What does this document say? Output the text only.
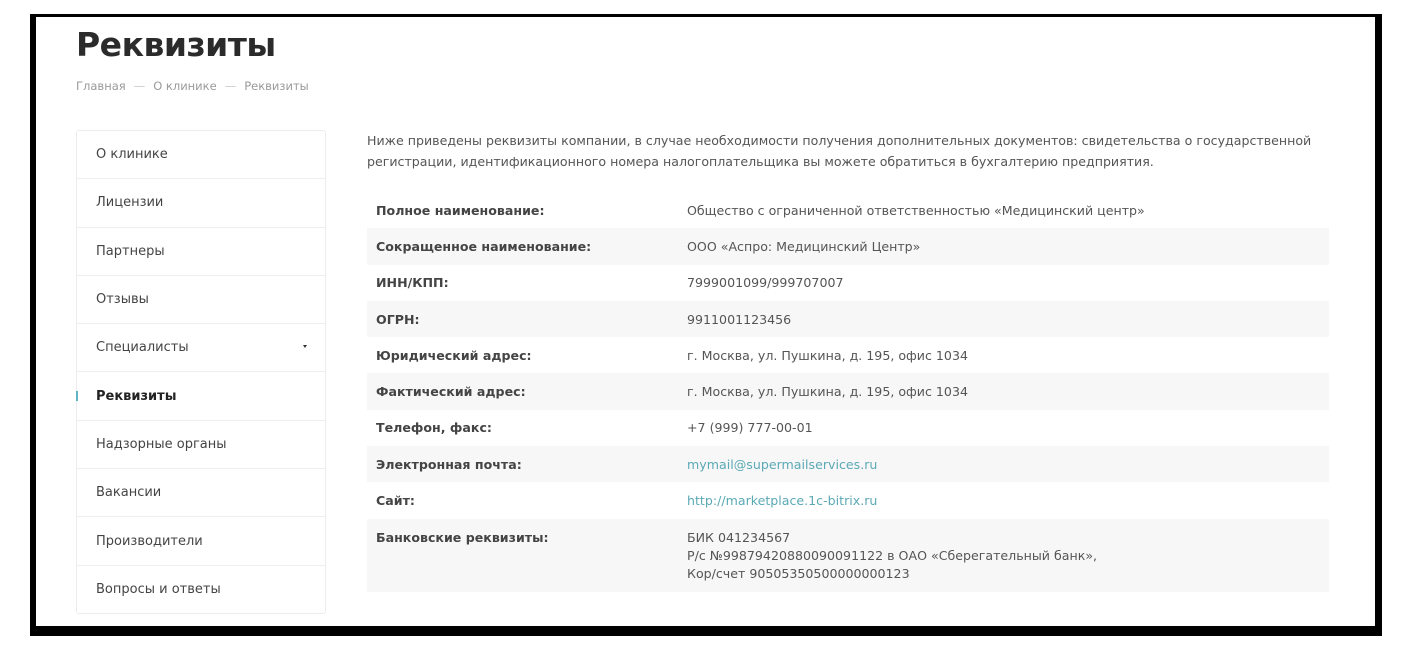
Реквизиты
Главная — О клинике — Реквизиты
О клинике
Лицензии
Партнеры
Отзывы
Специалисты
Реквизиты
Надзорные органы
Вакансии
Производители
Вопросы и ответы

Ниже приведены реквизиты компании, в случае необходимости получения дополнительных документов: свидетельства о государственной регистрации, идентификационного номера налогоплательщика вы можете обратиться в бухгалтерию предприятия.

Полное наименование:	Общество с ограниченной ответственностью «Медицинский центр»
Сокращенное наименование:	ООО «Аспро: Медицинский Центр»
ИНН/КПП:	7999001099/999707007
ОГРН:	9911001123456
Юридический адрес:	г. Москва, ул. Пушкина, д. 195, офис 1034
Фактический адрес:	г. Москва, ул. Пушкина, д. 195, офис 1034
Телефон, факс:	+7 (999) 777-00-01
Электронная почта:	mymail@supermailservices.ru
Сайт:	http://marketplace.1c-bitrix.ru
Банковские реквизиты:	БИК 041234567
Р/с №99879420880090091122 в ОАО «Сберегательный банк»,
Кор/счет 90505350500000000123
